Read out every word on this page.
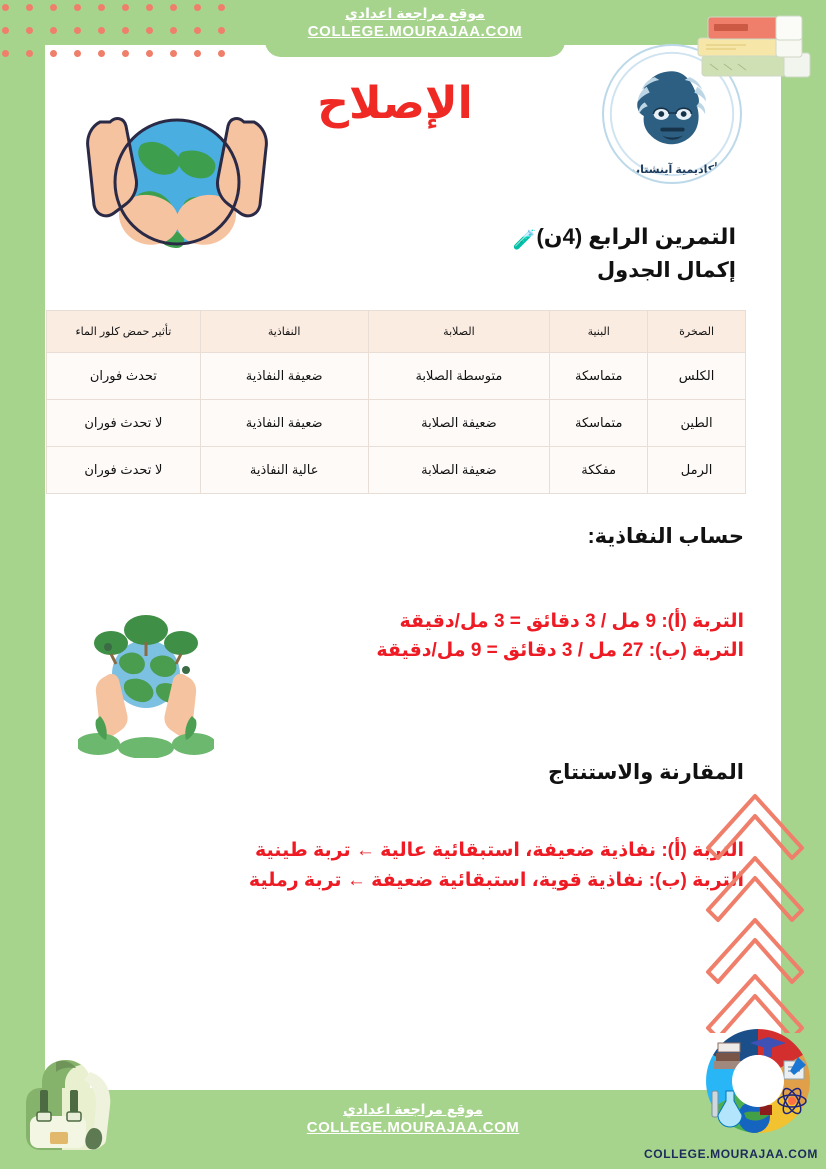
موقع مراجعة اعدادي
COLLEGE.MOURAJAA.COM
أكاديمية آينشتاين
الإصلاح
التمرين الرابع (4ن)🧪
إكمال الجدول
الصخرة	البنية	الصلابة	النفاذية	تأثير حمض كلور الماء
الكلس	متماسكة	متوسطة الصلابة	ضعيفة النفاذية	تحدث فوران
الطين	متماسكة	ضعيفة الصلابة	ضعيفة النفاذية	لا تحدث فوران
الرمل	مفككة	ضعيفة الصلابة	عالية النفاذية	لا تحدث فوران
حساب النفاذية:
التربة (أ): 9 مل / 3 دقائق = 3 مل/دقيقة
التربة (ب): 27 مل / 3 دقائق = 9 مل/دقيقة
المقارنة والاستنتاج
التربة (أ): نفاذية ضعيفة، استبقائية عالية ← تربة طينية
التربة (ب): نفاذية قوية، استبقائية ضعيفة ← تربة رملية
موقع مراجعة اعدادي
COLLEGE.MOURAJAA.COM
COLLEGE.MOURAJAA.COM
